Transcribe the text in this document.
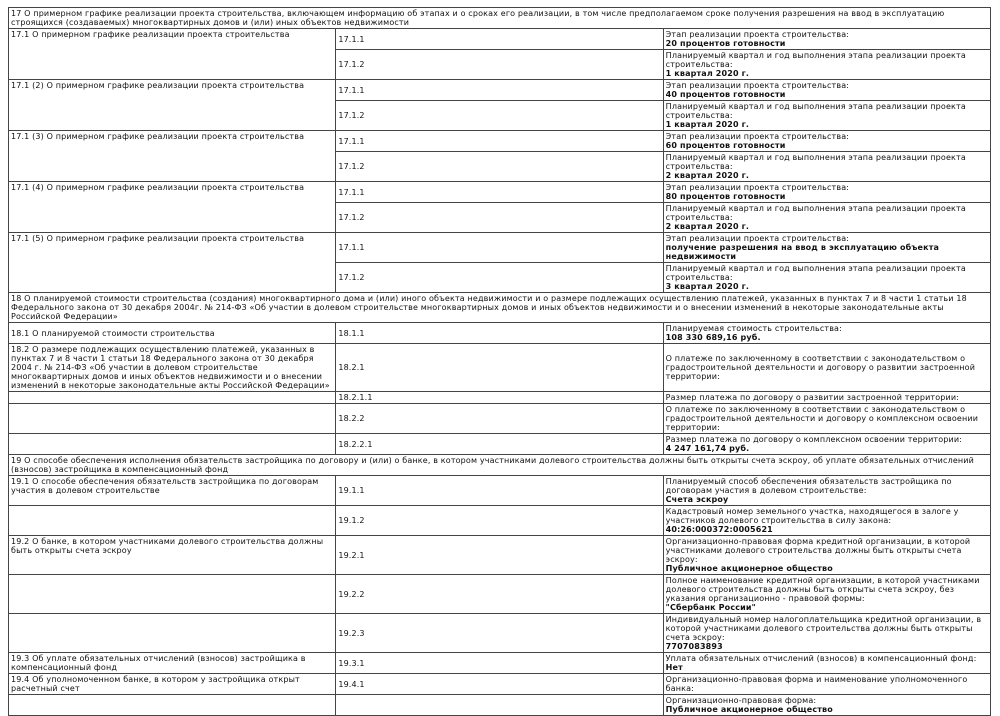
17 О примерном графике реализации проекта строительства, включающем информацию об этапах и о сроках его реализации, в том числе предполагаемом сроке получения разрешения на ввод в эксплуатацию строящихся (создаваемых) многоквартирных домов и (или) иных объектов недвижимости		
17.1 О примерном графике реализации проекта строительства	17.1.1	Этап реализации проекта строительства:
20 процентов готовности

	17.1.2	Планируемый квартал и год выполнения этапа реализации проекта строительства:
1 квартал 2020 г.

17.1 (2) О примерном графике реализации проекта строительства	17.1.1	Этап реализации проекта строительства:
40 процентов готовности

	17.1.2	Планируемый квартал и год выполнения этапа реализации проекта строительства:
1 квартал 2020 г.

17.1 (3) О примерном графике реализации проекта строительства	17.1.1	Этап реализации проекта строительства:
60 процентов готовности

	17.1.2	Планируемый квартал и год выполнения этапа реализации проекта строительства:
2 квартал 2020 г.

17.1 (4) О примерном графике реализации проекта строительства	17.1.1	Этап реализации проекта строительства:
80 процентов готовности

	17.1.2	Планируемый квартал и год выполнения этапа реализации проекта строительства:
2 квартал 2020 г.

17.1 (5) О примерном графике реализации проекта строительства	17.1.1	Этап реализации проекта строительства:
получение разрешения на ввод в эксплуатацию объекта недвижимости

	17.1.2	Планируемый квартал и год выполнения этапа реализации проекта строительства:
3 квартал 2020 г.

18 О планируемой стоимости строительства (создания) многоквартирного дома и (или) иного объекта недвижимости и о размере подлежащих осуществлению платежей, указанных в пунктах 7 и 8 части 1 статьи 18 Федерального закона от 30 декабря 2004г. № 214-ФЗ «Об участии в долевом строительстве многоквартирных домов и иных объектов недвижимости и о внесении изменений в некоторые законодательные акты Российской Федерации»		
18.1 О планируемой стоимости строительства	18.1.1	Планируемая стоимость строительства:
108 330 689,16 руб.

18.2 О размере подлежащих осуществлению платежей, указанных в пунктах 7 и 8 части 1 статьи 18 Федерального закона от 30 декабря 2004 г. № 214-ФЗ «Об участии в долевом строительстве многоквартирных домов и иных объектов недвижимости и о внесении изменений в некоторые законодательные акты Российской Федерации»	18.2.1	О платеже по заключенному в соответствии с законодательством о градостроительной деятельности и договору о развитии застроенной территории:

	18.2.1.1	Размер платежа по договору о развитии застроенной территории:

	18.2.2	О платеже по заключенному в соответствии с законодательством о градостроительной деятельности и договору о комплексном освоении территории:

	18.2.2.1	Размер платежа по договору о комплексном освоении территории:
4 247 161,74 руб.

19 О способе обеспечения исполнения обязательств застройщика по договору и (или) о банке, в котором участниками долевого строительства должны быть открыты счета эскроу, об уплате обязательных отчислений (взносов) застройщика в компенсационный фонд		
19.1 О способе обеспечения обязательств застройщика по договорам участия в долевом строительстве	19.1.1	Планируемый способ обеспечения обязательств застройщика по договорам участия в долевом строительстве:
Счета эскроу

	19.1.2	Кадастровый номер земельного участка, находящегося в залоге у участников долевого строительства в силу закона:
40:26:000372:0005621

19.2 О банке, в котором участниками долевого строительства должны быть открыты счета эскроу	19.2.1	Организационно-правовая форма кредитной организации, в которой участниками долевого строительства должны быть открыты счета эскроу:
Публичное акционерное общество

	19.2.2	Полное наименование кредитной организации, в которой участниками долевого строительства должны быть открыты счета эскроу, без указания организационно - правовой формы:
"Сбербанк России"

	19.2.3	Индивидуальный номер налогоплательщика кредитной организации, в которой участниками долевого строительства должны быть открыты счета эскроу:
7707083893

19.3 Об уплате обязательных отчислений (взносов) застройщика в компенсационный фонд	19.3.1	Уплата обязательных отчислений (взносов) в компенсационный фонд:
Нет

19.4 Об уполномоченном банке, в котором у застройщика открыт расчетный счет	19.4.1	Организационно-правовая форма и наименование уполномоченного банка:

		Организационно-правовая форма:
Публичное акционерное общество
